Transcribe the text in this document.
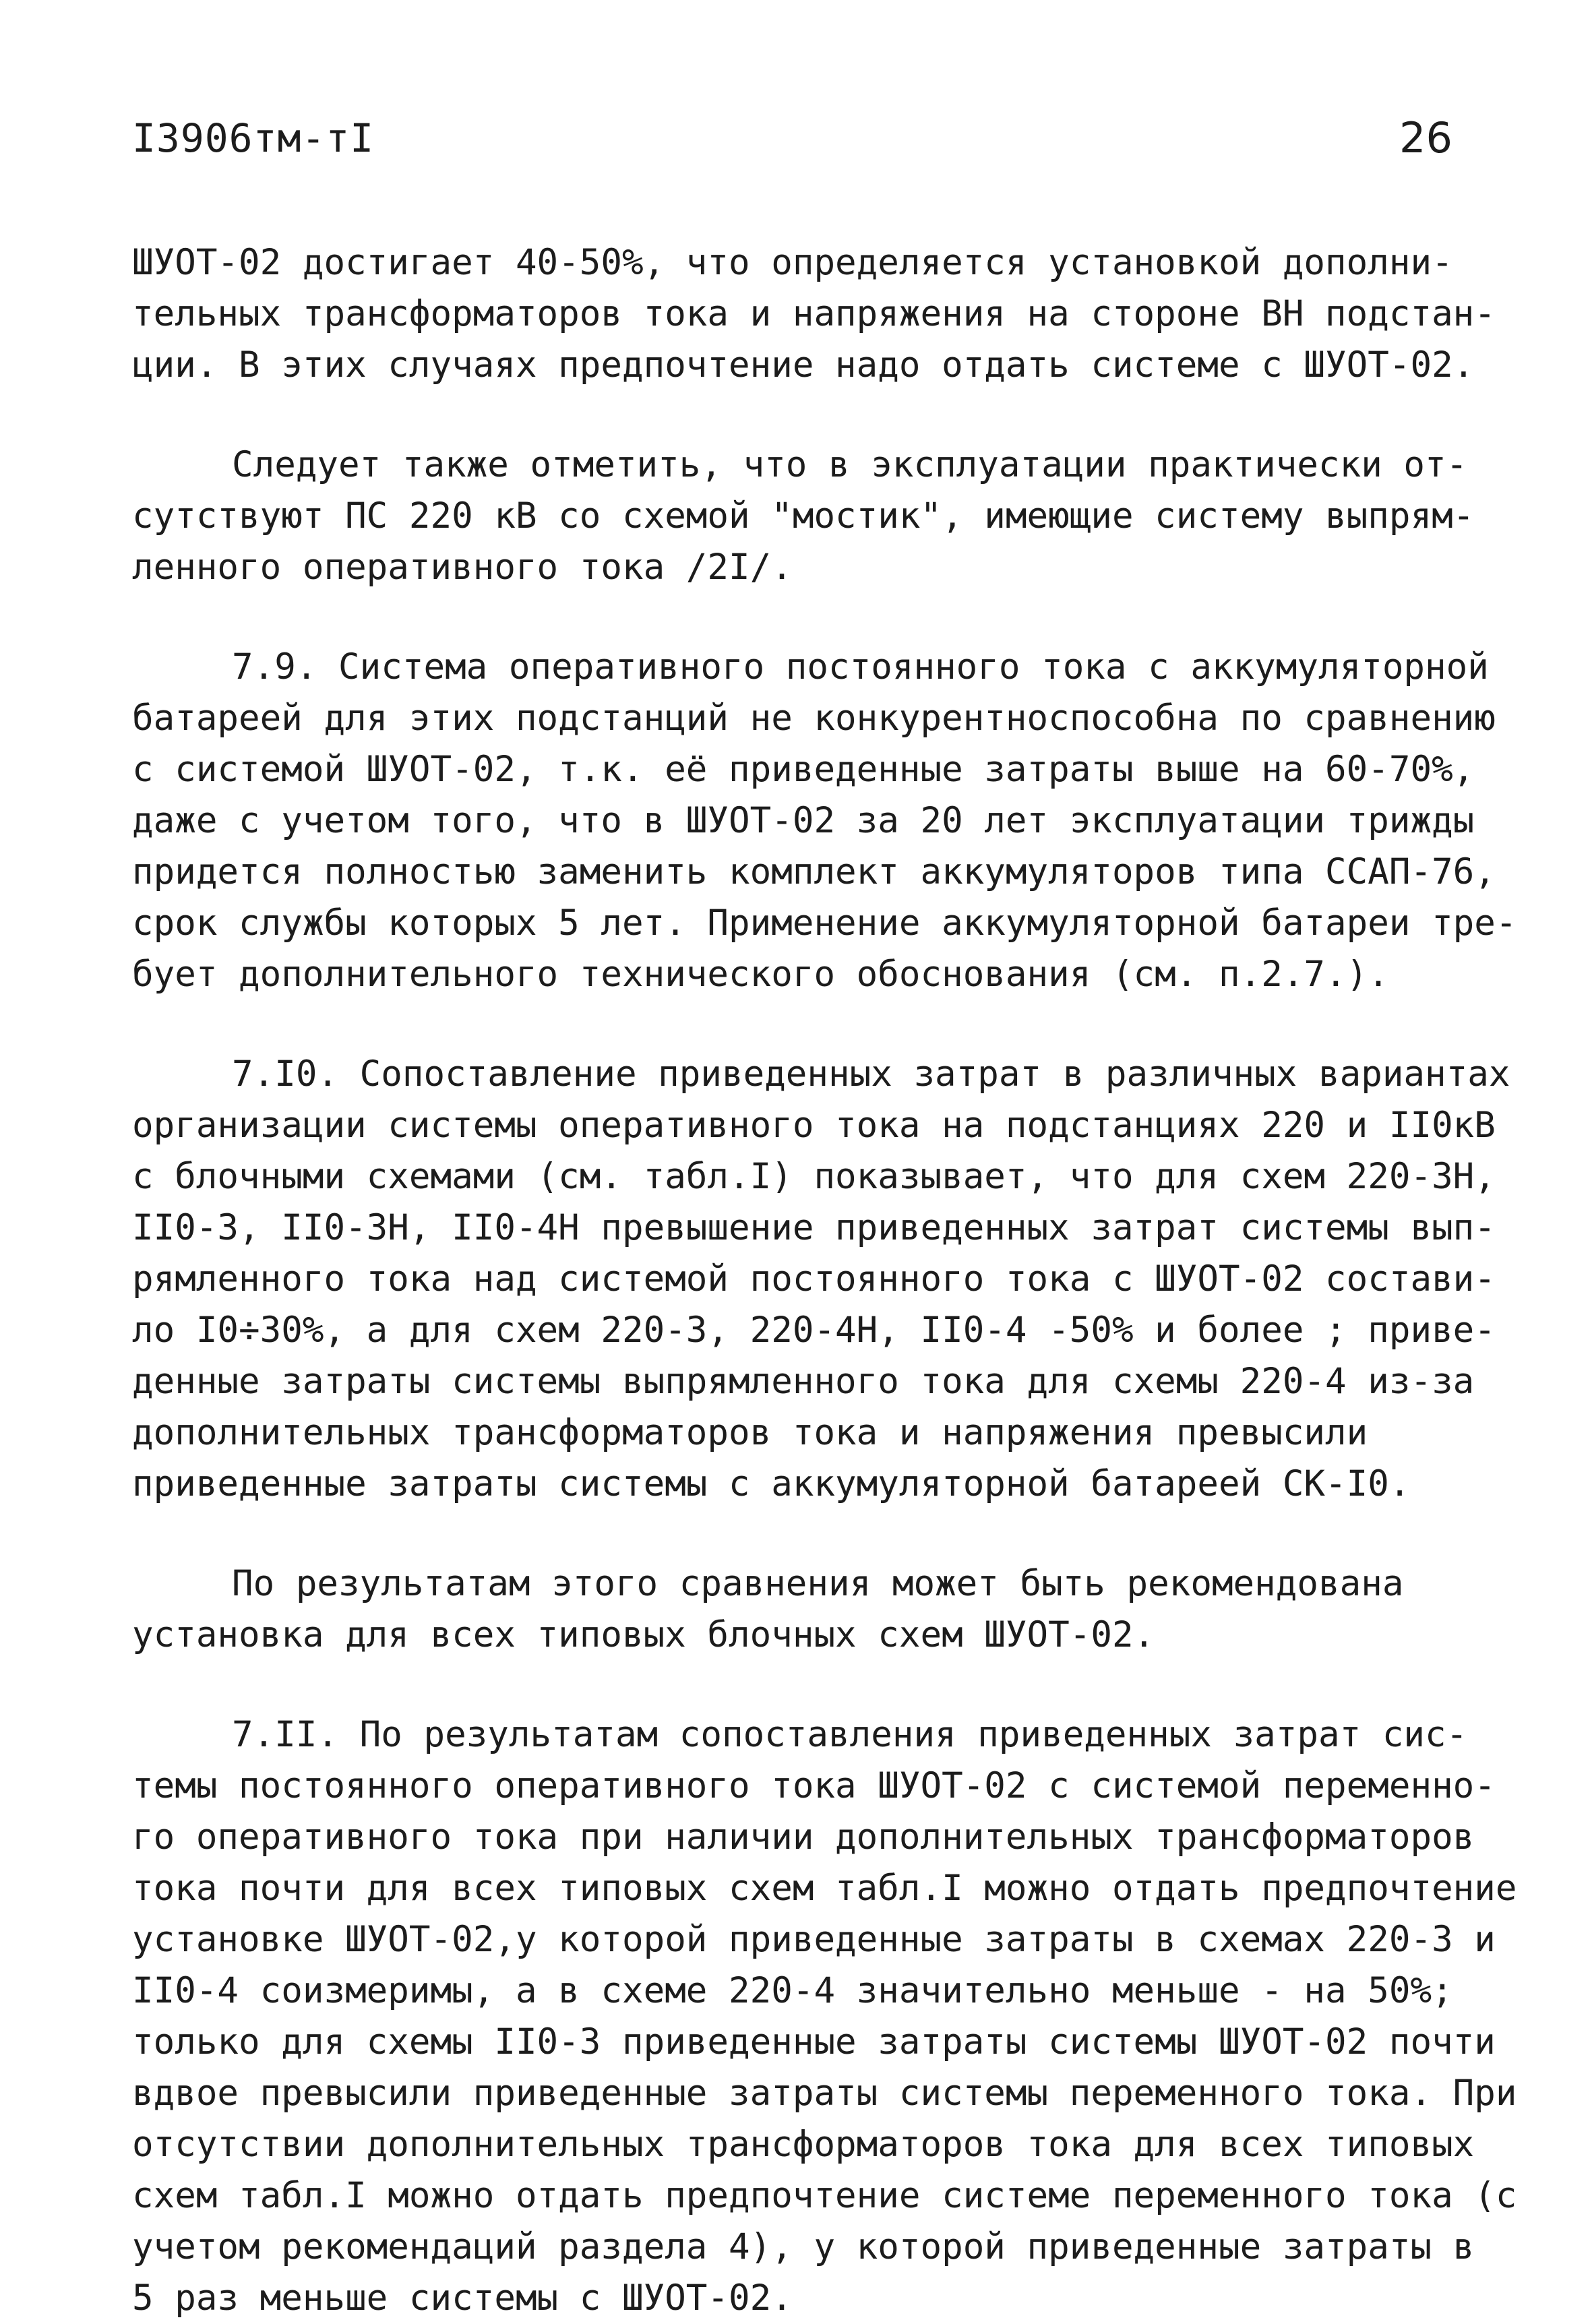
I3906тм-тI	26
ШУОТ-02 достигает 40-50%, что определяется установкой дополни-
тельных трансформаторов тока и напряжения на стороне ВН подстан-
ции. В этих случаях предпочтение надо отдать системе с ШУОТ-02.
Следует также отметить, что в эксплуатации практически от-
сутствуют ПС 220 кВ со схемой "мостик", имеющие систему выпрям-
ленного оперативного тока /2I/.
7.9. Система оперативного постоянного тока с аккумуляторной
батареей для этих подстанций не конкурентноспособна по сравнению
с системой ШУОТ-02, т.к. её приведенные затраты выше на 60-70%,
даже с учетом того, что в ШУОТ-02 за 20 лет эксплуатации трижды
придется полностью заменить комплект аккумуляторов типа ССАП-76,
срок службы которых 5 лет. Применение аккумуляторной батареи тре-
бует дополнительного технического обоснования (см. п.2.7.).
7.I0. Сопоставление приведенных затрат в различных вариантах
организации системы оперативного тока на подстанциях 220 и II0кВ
с блочными схемами (см. табл.I) показывает, что для схем 220-3Н,
II0-3, II0-3Н, II0-4Н превышение приведенных затрат системы вып-
рямленного тока над системой постоянного тока с ШУОТ-02 состави-
ло I0÷30%, а для схем 220-3, 220-4Н, II0-4 -50% и более ; приве-
денные затраты системы выпрямленного тока для схемы 220-4 из-за
дополнительных трансформаторов тока и напряжения превысили
приведенные затраты системы с аккумуляторной батареей СК-I0.
По результатам этого сравнения может быть рекомендована
установка для всех типовых блочных схем ШУОТ-02.
7.II. По результатам сопоставления приведенных затрат сис-
темы постоянного оперативного тока ШУОТ-02 с системой переменно-
го оперативного тока при наличии дополнительных трансформаторов
тока почти для всех типовых схем табл.I можно отдать предпочтение
установке ШУОТ-02,у которой приведенные затраты в схемах 220-3 и
II0-4 соизмеримы, а в схеме 220-4 значительно меньше - на 50%;
только для схемы II0-3 приведенные затраты системы ШУОТ-02 почти
вдвое превысили приведенные затраты системы переменного тока. При
отсутствии дополнительных трансформаторов тока для всех типовых
схем табл.I можно отдать предпочтение системе переменного тока (с
учетом рекомендаций раздела 4), у которой приведенные затраты в
5 раз меньше системы с ШУОТ-02.
